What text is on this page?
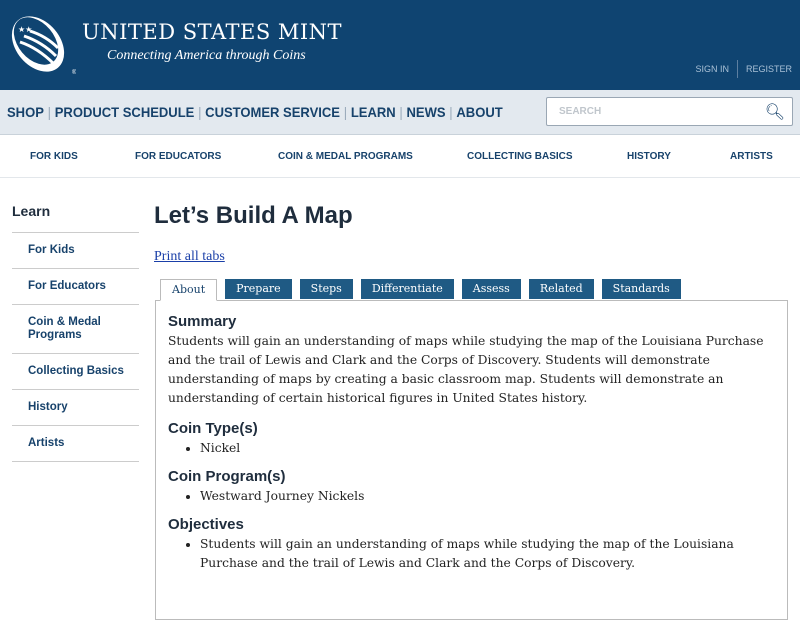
★★
®
UNITED STATES MINT
Connecting America through Coins
SIGN IN REGISTER
SHOP | PRODUCT SCHEDULE | CUSTOMER SERVICE | LEARN | NEWS | ABOUT
SEARCH	🔍︎
FOR KIDS	FOR EDUCATORS	COIN & MEDAL PROGRAMS	COLLECTING BASICS	HISTORY	ARTISTS
Learn
For Kids
For Educators
Coin & Medal Programs
Collecting Basics
History
Artists
Let’s Build A Map
Print all tabs
About	Prepare	Steps	Differentiate	Assess	Related	Standards
Summary

Students will gain an understanding of maps while studying the map of the Louisiana Purchase and the trail of Lewis and Clark and the Corps of Discovery. Students will demonstrate understanding of maps by creating a basic classroom map. Students will demonstrate an understanding of certain historical figures in United States history.

Coin Type(s)
• Nickel
Coin Program(s)
• Westward Journey Nickels
Objectives
• Students will gain an understanding of maps while studying the map of the Louisiana Purchase and the trail of Lewis and Clark and the Corps of Discovery.
